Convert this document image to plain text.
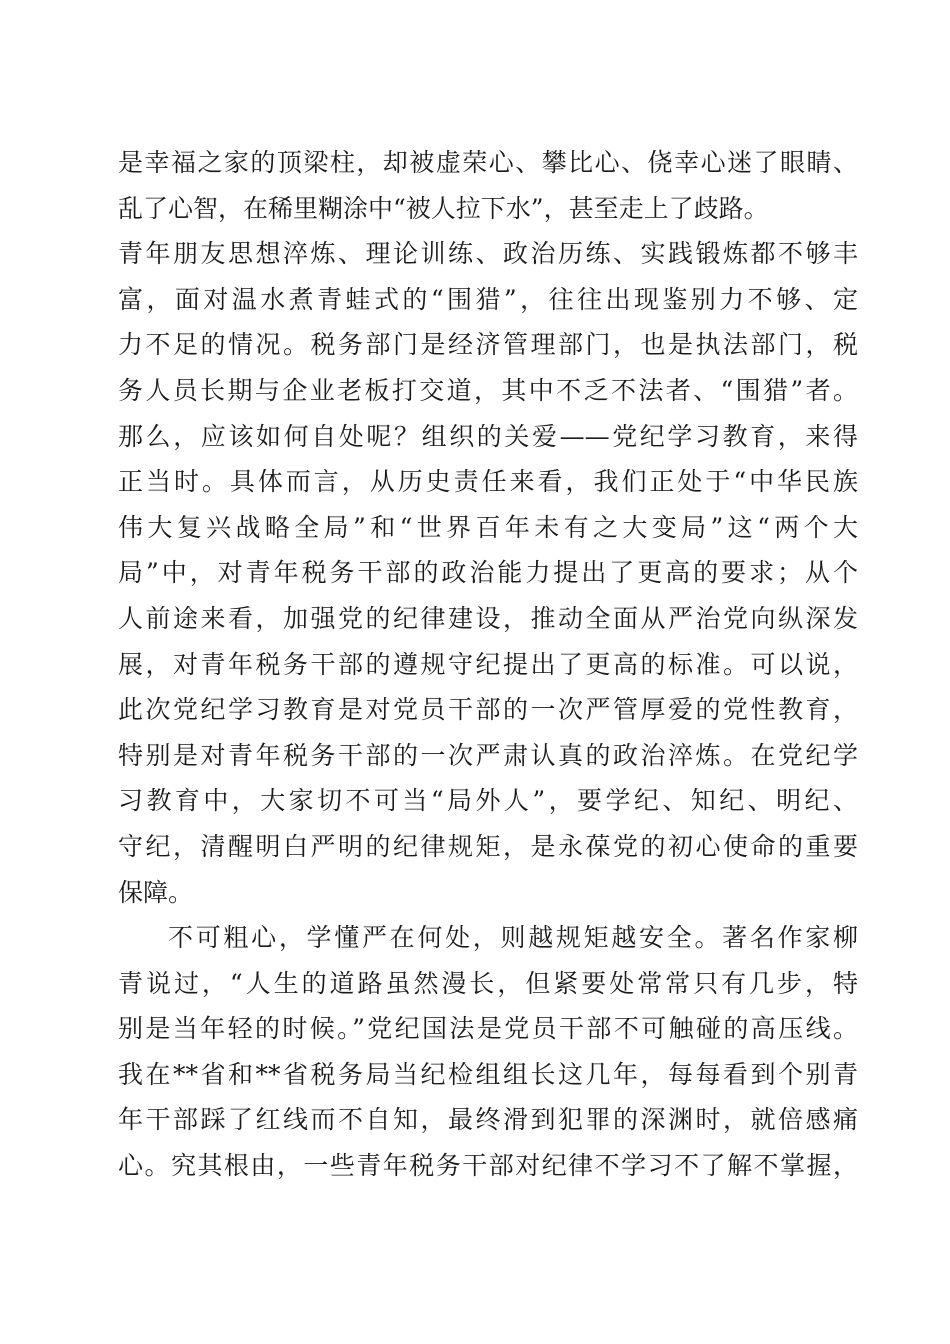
是幸福之家的顶梁柱，却被虚荣心、攀比心、侥幸心迷了眼睛、
乱了心智，在稀里糊涂中“被人拉下水”，甚至走上了歧路。
青年朋友思想淬炼、理论训练、政治历练、实践锻炼都不够丰
富，面对温水煮青蛙式的“围猎”，往往出现鉴别力不够、定
力不足的情况。税务部门是经济管理部门，也是执法部门，税
务人员长期与企业老板打交道，其中不乏不法者、“围猎”者。
那么，应该如何自处呢？组织的关爱——党纪学习教育，来得
正当时。具体而言，从历史责任来看，我们正处于“中华民族
伟大复兴战略全局”和“世界百年未有之大变局”这“两个大
局”中，对青年税务干部的政治能力提出了更高的要求；从个
人前途来看，加强党的纪律建设，推动全面从严治党向纵深发
展，对青年税务干部的遵规守纪提出了更高的标准。可以说，
此次党纪学习教育是对党员干部的一次严管厚爱的党性教育，
特别是对青年税务干部的一次严肃认真的政治淬炼。在党纪学
习教育中，大家切不可当“局外人”，要学纪、知纪、明纪、
守纪，清醒明白严明的纪律规矩，是永葆党的初心使命的重要
保障。
不可粗心，学懂严在何处，则越规矩越安全。著名作家柳
青说过，“人生的道路虽然漫长，但紧要处常常只有几步，特
别是当年轻的时候。”党纪国法是党员干部不可触碰的高压线。
我在**省和**省税务局当纪检组组长这几年，每每看到个别青
年干部踩了红线而不自知，最终滑到犯罪的深渊时，就倍感痛
心。究其根由，一些青年税务干部对纪律不学习不了解不掌握，
